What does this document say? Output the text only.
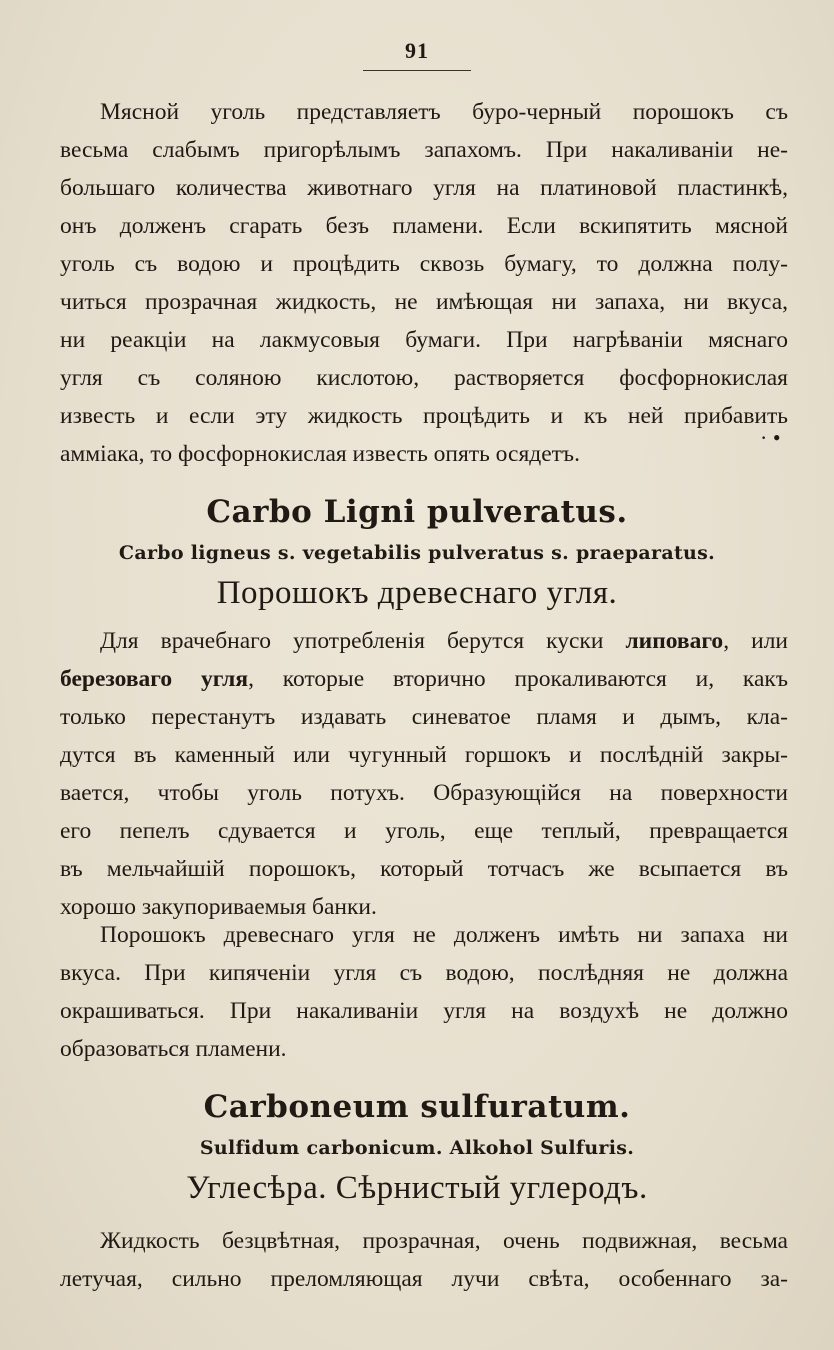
91
Мясной уголь представляетъ буро-черный порошокъ съ
весьма слабымъ пригорѣлымъ запахомъ. При накаливанiи не-
большаго количества животнаго угля на платиновой пластинкѣ,
онъ долженъ сгарать безъ пламени. Если вскипятить мясной
уголь съ водою и процѣдить сквозь бумагу, то должна полу-
читься прозрачная жидкость, не имѣющая ни запаха, ни вкуса,
ни реакцiи на лакмусовыя бумаги. При нагрѣванiи мяснаго
угля съ соляною кислотою, растворяется фосфорнокислая
известь и если эту жидкость процѣдить и къ ней прибавить
амміака, то фосфорнокислая известь опять осядетъ.
· •
Carbo Ligni pulveratus.
Carbo ligneus s. vegetabilis pulveratus s. praeparatus.
Порошокъ древеснаго угля.
Для врачебнаго употребленія берутся куски липоваго, или
березоваго угля, которые вторично прокаливаются и, какъ
только перестанутъ издавать синеватое пламя и дымъ, кла-
дутся въ каменный или чугунный горшокъ и послѣднiй закры-
вается, чтобы уголь потухъ. Образующiйся на поверхности
его пепелъ сдувается и уголь, еще теплый, превращается
въ мельчайшiй порошокъ, который тотчасъ же всыпается въ
хорошо закупориваемыя банки.
Порошокъ древеснаго угля не долженъ имѣть ни запаха ни
вкуса. При кипяченiи угля съ водою, послѣдняя не должна
окрашиваться. При накаливанiи угля на воздухѣ не должно
образоваться пламени.
Carboneum sulfuratum.
Sulfidum carbonicum. Alkohol Sulfuris.
Углесѣра. Сѣрнистый углеродъ.
Жидкость безцвѣтная, прозрачная, очень подвижная, весьма
летучая, сильно преломляющая лучи свѣта, особеннаго за-
